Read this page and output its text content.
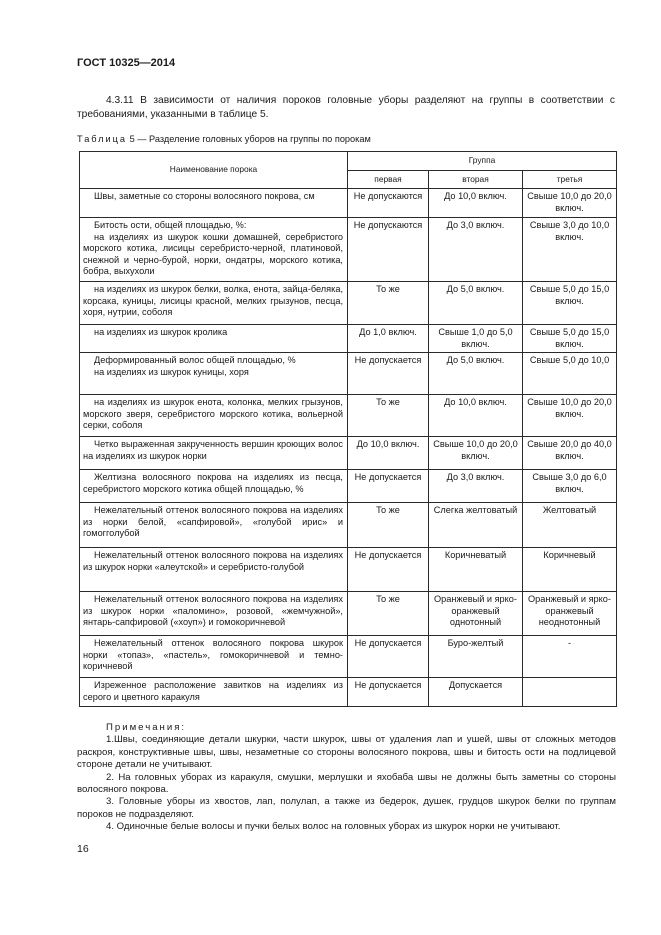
ГОСТ 10325—2014
4.3.11 В зависимости от наличия пороков головные уборы разделяют на группы в соответствии с требованиями, указанными в таблице 5.
Таблица 5 — Разделение головных уборов на группы по порокам
Наименование порока	Группа		
	первая	вторая	третья

Швы, заметные со стороны волосяного покрова, см	Не допускаются	До 10,0 включ.	Свыше 10,0 до 20,0 включ.

Битость ости, общей площадью, %:
на изделиях из шкурок кошки домашней, серебристого морского котика, лисицы серебристо-черной, платиновой, снежной и черно-бурой, норки, ондатры, морского котика, бобра, выхухоли	Не допускаются	До 3,0 включ.	Свыше 3,0 до 10,0 включ.

на изделиях из шкурок белки, волка, енота, зайца-беляка, корсака, куницы, лисицы красной, мелких грызунов, песца, хоря, нутрии, соболя	То же	До 5,0 включ.	Свыше 5,0 до 15,0 включ.

на изделиях из шкурок кролика	До 1,0 включ.	Свыше 1,0 до 5,0 включ.	Свыше 5,0 до 15,0 включ.

Деформированный волос общей площадью, %
на изделиях из шкурок куницы, хоря	Не допускается	До 5,0 включ.	Свыше 5,0 до 10,0

на изделиях из шкурок енота, колонка, мелких грызунов, морского зверя, серебристого морского котика, вольерной серки, соболя	То же	До 10,0 включ.	Свыше 10,0 до 20,0 включ.

Четко выраженная закрученность вершин кроющих волос на изделиях из шкурок норки	До 10,0 включ.	Свыше 10,0 до 20,0 включ.	Свыше 20,0 до 40,0 включ.

Желтизна волосяного покрова на изделиях из песца, серебристого морского котика общей площадью, %	Не допускается	До 3,0 включ.	Свыше 3,0 до 6,0 включ.

Нежелательный оттенок волосяного покрова на изделиях из норки белой, «сапфировой», «голубой ирис» и гомогголубой	То же	Слегка желтоватый	Желтоватый

Нежелательный оттенок волосяного покрова на изделиях из шкурок норки «алеутской» и серебристо-голубой	Не допускается	Коричневатый	Коричневый

Нежелательный оттенок волосяного покрова на изделиях из шкурок норки «паломино», розовой, «жемчужной», янтарь-сапфировой («хоуп») и гомокоричневой	То же	Оранжевый и ярко-оранжевый однотонный	Оранжевый и ярко-оранжевый неоднотонный

Нежелательный оттенок волосяного покрова шкурок норки «топаз», «пастель», гомокоричневой и темно-коричневой	Не допускается	Буро-желтый	-

Изреженное расположение завитков на изделиях из серого и цветного каракуля	Не допускается	Допускается	
Примечания:
1.Швы, соединяющие детали шкурки, части шкурок, швы от удаления лап и ушей, швы от сложных методов раскроя, конструктивные швы, швы, незаметные со стороны волосяного покрова, швы и битость ости на подлицевой стороне детали не учитывают.
2. На головных уборах из каракуля, смушки, мерлушки и яхобаба швы не должны быть заметны со стороны волосяного покрова.
3. Головные уборы из хвостов, лап, полулап, а также из бедерок, душек, грудцов шкурок белки по группам пороков не подразделяют.
4. Одиночные белые волосы и пучки белых волос на головных уборах из шкурок норки не учитывают.
16
